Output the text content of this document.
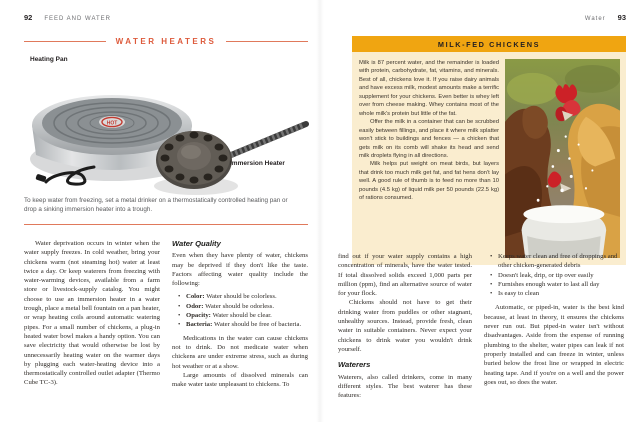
92 FEED AND WATER
WATER HEATERS
Heating Pan
HOT
Immersion Heater
To keep water from freezing, set a metal drinker on a thermostatically controlled heating pan or drop a sinking immersion heater into a trough.

Water deprivation occurs in winter when the water supply freezes. In cold weather, bring your chickens warm (not steaming hot) water at least twice a day. Or keep waterers from freezing with water-warming devices, available from a farm store or livestock-supply catalog. You might choose to use an immersion heater in a water trough, place a metal bell fountain on a pan heater, or wrap heating coils around automatic watering pipes. For a small number of chickens, a plug-in heated water bowl makes a handy option. You can save electricity that would otherwise be lost by unnecessarily heating water on the warmer days by plugging each water-heating device into a thermostatically controlled outlet adapter (Thermo Cube TC-3).

Water Quality

Even when they have plenty of water, chickens may be deprived if they don't like the taste. Factors affecting water quality include the following:

• Color: Water should be colorless.
• Odor: Water should be odorless.
• Opacity: Water should be clear.
• Bacteria: Water should be free of bacteria.

Medications in the water can cause chickens not to drink. Do not medicate water when chickens are under extreme stress, such as during hot weather or at a show.

Large amounts of dissolved minerals can make water taste unpleasant to chickens. To

Water 93
MILK-FED CHICKENS

Milk is 87 percent water, and the remainder is loaded with protein, carbohydrate, fat, vitamins, and minerals. Best of all, chickens love it. If you raise dairy animals and have excess milk, modest amounts make a terrific supplement for your chickens. Even better is whey left over from cheese making. Whey contains most of the whole milk's protein but little of the fat.

Offer the milk in a container that can be scrubbed easily between fillings, and place it where milk splatter won't stick to buildings and fences — a chicken that gets milk on its comb will shake its head and send milk droplets flying in all directions.

Milk helps put weight on meat birds, but layers that drink too much milk get fat, and fat hens don't lay well. A good rule of thumb is to feed no more than 10 pounds (4.5 kg) of liquid milk per 50 pounds (22.5 kg) of rations consumed.

find out if your water supply contains a high concentration of minerals, have the water tested. If total dissolved solids exceed 1,000 parts per million (ppm), find an alternative source of water for your flock.

Chickens should not have to get their drinking water from puddles or other stagnant, unhealthy sources. Instead, provide fresh, clean water in suitable containers. Never expect your chickens to drink water you wouldn't drink yourself.

Waterers

Waterers, also called drinkers, come in many different styles. The best waterer has these features:

• Keeps water clean and free of droppings and other chicken-generated debris
• Doesn't leak, drip, or tip over easily
• Furnishes enough water to last all day
• Is easy to clean

Automatic, or piped-in, water is the best kind because, at least in theory, it ensures the chickens never run out. But piped-in water isn't without disadvantages. Aside from the expense of running plumbing to the shelter, water pipes can leak if not properly installed and can freeze in winter, unless buried below the frost line or wrapped in electric heating tape. And if you're on a well and the power goes out, so does the water.
